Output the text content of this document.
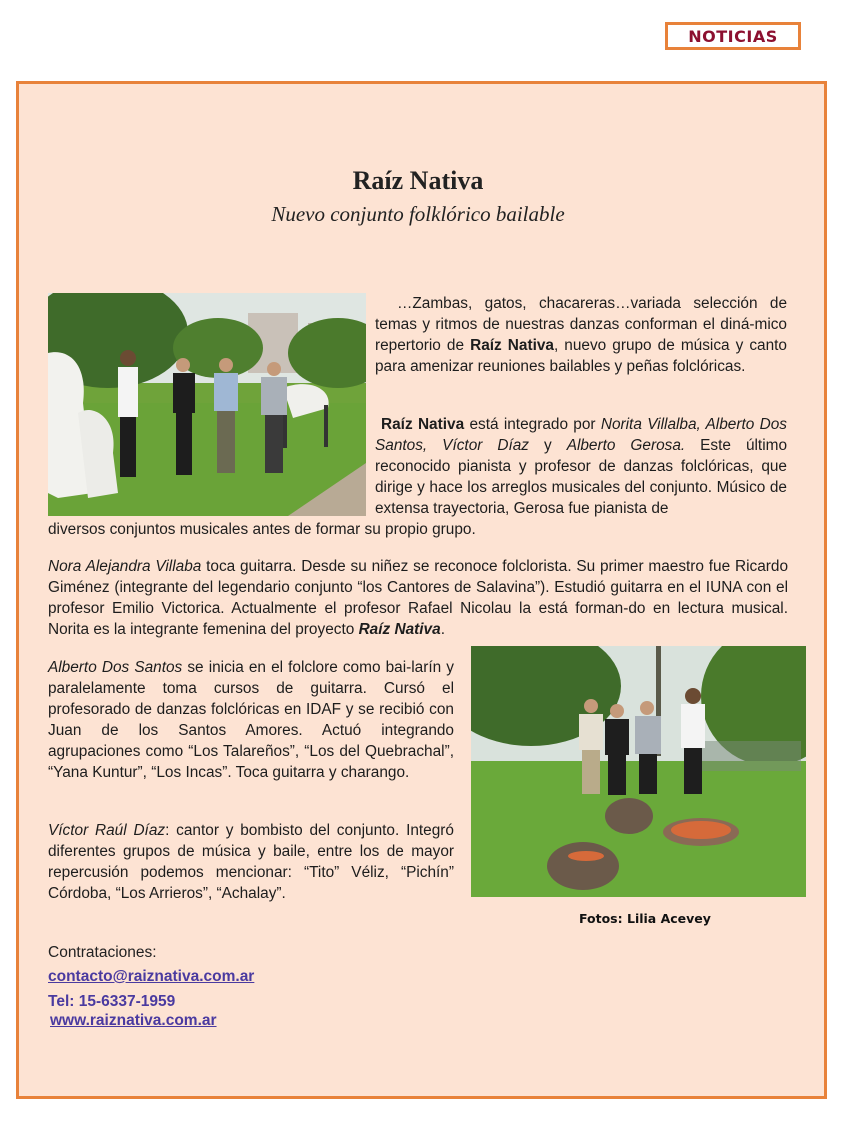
NOTICIAS
Raíz Nativa
Nuevo conjunto folklórico bailable
…Zambas, gatos, chacareras…variada selección de temas y ritmos de nuestras danzas conforman el diná-mico repertorio de Raíz Nativa, nuevo grupo de música y canto para amenizar reuniones bailables y peñas folclóricas.
Raíz Nativa está integrado por Norita Villalba, Alberto Dos Santos, Víctor Díaz y Alberto Gerosa. Este último reconocido pianista y profesor de danzas folclóricas, que dirige y hace los arreglos musicales del conjunto. Músico de extensa trayectoria, Gerosa fue pianista de
diversos conjuntos musicales antes de formar su propio grupo.
Nora Alejandra Villaba toca guitarra. Desde su niñez se reconoce folclorista. Su primer maestro fue Ricardo Giménez (integrante del legendario conjunto “los Cantores de Salavina”). Estudió guitarra en el IUNA con el profesor Emilio Victorica. Actualmente el profesor Rafael Nicolau la está forman-do en lectura musical. Norita es la integrante femenina del proyecto Raíz Nativa.
Alberto Dos Santos se inicia en el folclore como bai-larín y paralelamente toma cursos de guitarra. Cursó el profesorado de danzas folclóricas en IDAF y se recibió con Juan de los Santos Amores. Actuó integrando agrupaciones como “Los Talareños”, “Los del Quebrachal”, “Yana Kuntur”, “Los Incas”. Toca guitarra y charango.
Víctor Raúl Díaz: cantor y bombisto del conjunto. Integró diferentes grupos de música y baile, entre los de mayor repercusión podemos mencionar: “Tito” Véliz, “Pichín” Córdoba, “Los Arrieros”, “Achalay”.
Fotos: Lilia Acevey
Contrataciones:
contacto@raiznativa.com.ar
Tel: 15-6337-1959
www.raiznativa.com.ar
